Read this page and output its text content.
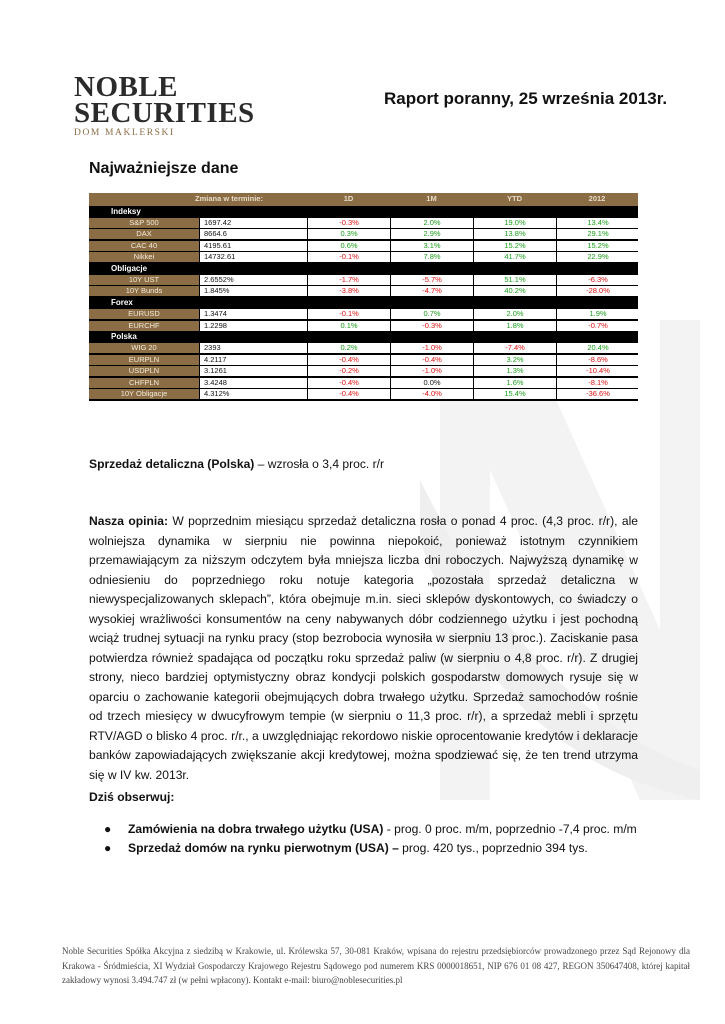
NOBLE
SECURITIES
DOM MAKLERSKI
Raport poranny, 25 września 2013r.
Najważniejsze dane
Zmiana w terminie:	1D	1M	YTD	2012
Indeksy
S&P 500	1697.42	-0.3%	2.0%	19.0%	13.4%
DAX	8664.6	0.3%	2.9%	13.8%	29.1%
CAC 40	4195.61	0.6%	3.1%	15.2%	15.2%
Nikkei	14732.61	-0.1%	7.8%	41.7%	22.9%
Obligacje
10Y UST	2.6552%	-1.7%	-5.7%	51.1%	-6.3%
10Y Bunds	1.845%	-3.8%	-4.7%	40.2%	-28.0%
Forex
EURUSD	1.3474	-0.1%	0.7%	2.0%	1.9%
EURCHF	1.2298	0.1%	-0.3%	1.8%	-0.7%
Polska
WIG 20	2393	0.2%	-1.0%	-7.4%	20.4%
EURPLN	4.2117	-0.4%	-0.4%	3.2%	-8.6%
USDPLN	3.1261	-0.2%	-1.0%	1.3%	-10.4%
CHFPLN	3.4248	-0.4%	0.0%	1.6%	-8.1%
10Y Obligacje	4.312%	-0.4%	-4.0%	15.4%	-36.6%
Sprzedaż detaliczna (Polska) – wzrosła o 3,4 proc. r/r
Nasza opinia: W poprzednim miesiącu sprzedaż detaliczna rosła o ponad 4 proc. (4,3 proc. r/r), ale wolniejsza dynamika w sierpniu nie powinna niepokoić, ponieważ istotnym czynnikiem przemawiającym za niższym odczytem była mniejsza liczba dni roboczych. Najwyższą dynamikę w odniesieniu do poprzedniego roku notuje kategoria „pozostała sprzedaż detaliczna w niewyspecjalizowanych sklepach”, która obejmuje m.in. sieci sklepów dyskontowych, co świadczy o wysokiej wrażliwości konsumentów na ceny nabywanych dóbr codziennego użytku i jest pochodną wciąż trudnej sytuacji na rynku pracy (stop bezrobocia wynosiła w sierpniu 13 proc.). Zaciskanie pasa potwierdza również spadająca od początku roku sprzedaż paliw (w sierpniu o 4,8 proc. r/r). Z drugiej strony, nieco bardziej optymistyczny obraz kondycji polskich gospodarstw domowych rysuje się w oparciu o zachowanie kategorii obejmujących dobra trwałego użytku. Sprzedaż samochodów rośnie od trzech miesięcy w dwucyfrowym tempie (w sierpniu o 11,3 proc. r/r), a sprzedaż mebli i sprzętu RTV/AGD o blisko 4 proc. r/r., a uwzględniając rekordowo niskie oprocentowanie kredytów i deklaracje banków zapowiadających zwiększanie akcji kredytowej, można spodziewać się, że ten trend utrzyma się w IV kw. 2013r.
Dziś obserwuj:
● Zamówienia na dobra trwałego użytku (USA) - prog. 0 proc. m/m, poprzednio -7,4 proc. m/m
● Sprzedaż domów na rynku pierwotnym (USA) – prog. 420 tys., poprzednio 394 tys.
Noble Securities Spółka Akcyjna z siedzibą w Krakowie, ul. Królewska 57, 30-081 Kraków, wpisana do rejestru przedsiębiorców prowadzonego przez Sąd Rejonowy dla Krakowa - Śródmieścia, XI Wydział Gospodarczy Krajowego Rejestru Sądowego pod numerem KRS 0000018651, NIP 676 01 08 427, REGON 350647408, której kapitał zakładowy wynosi 3.494.747 zł (w pełni wpłacony). Kontakt e-mail: biuro@noblesecurities.pl
